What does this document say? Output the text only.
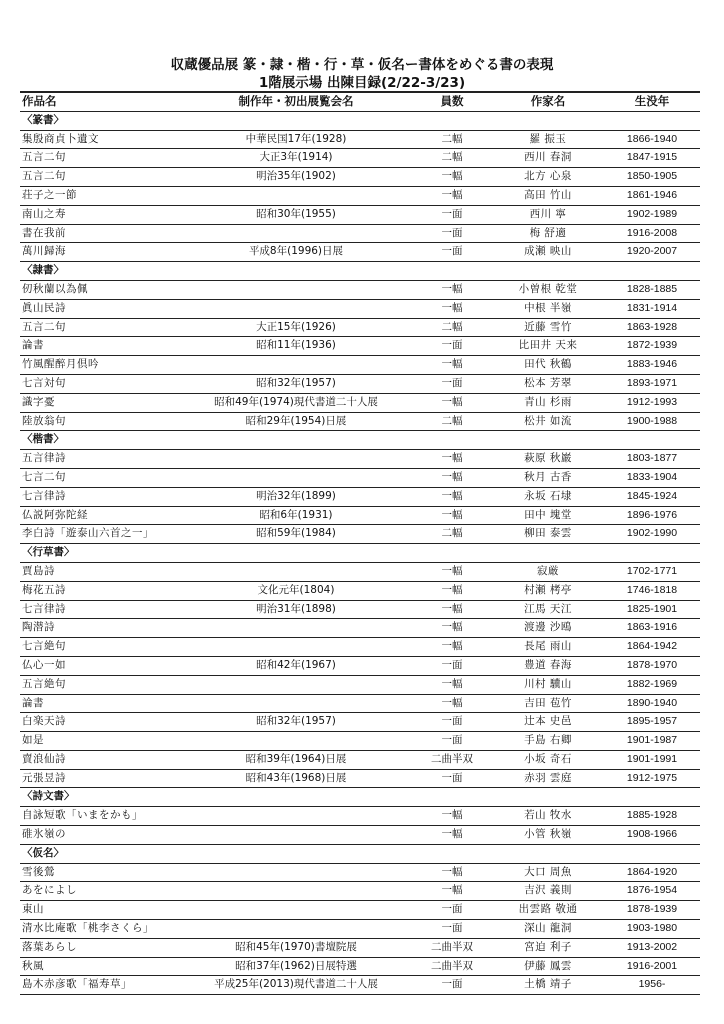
収蔵優品展 篆・隷・楷・行・草・仮名ー書体をめぐる書の表現
1階展示場 出陳目録(2/22-3/23)
作品名	制作年・初出展覧会名	員数	作家名	生没年
〈篆書〉				
集殷商貞卜遺文	中華民国17年(1928)	二幅	羅 振玉	1866-1940
五言二句	大正3年(1914)	二幅	西川 春洞	1847-1915
五言二句	明治35年(1902)	一幅	北方 心泉	1850-1905
荘子之一節		一幅	高田 竹山	1861-1946
南山之寿	昭和30年(1955)	一面	西川 寧	1902-1989
書在我前		一面	梅 舒適	1916-2008
萬川歸海	平成8年(1996)日展	一面	成瀬 映山	1920-2007
〈隷書〉				
仞秋蘭以為佩		一幅	小曽根 乾堂	1828-1885
眞山民詩		一幅	中根 半嶺	1831-1914
五言二句	大正15年(1926)	二幅	近藤 雪竹	1863-1928
論書	昭和11年(1936)	一面	比田井 天来	1872-1939
竹風醒醉月倶吟		一幅	田代 秋鶴	1883-1946
七言対句	昭和32年(1957)	一面	松本 芳翠	1893-1971
識字憂	昭和49年(1974)現代書道二十人展	一幅	青山 杉雨	1912-1993
陸放翁句	昭和29年(1954)日展	二幅	松井 如流	1900-1988
〈楷書〉				
五言律詩		一幅	萩原 秋巌	1803-1877
七言二句		一幅	秋月 古香	1833-1904
七言律詩	明治32年(1899)	一幅	永坂 石埭	1845-1924
仏説阿弥陀経	昭和6年(1931)	一幅	田中 塊堂	1896-1976
李白詩「遊泰山六首之一」	昭和59年(1984)	二幅	柳田 泰雲	1902-1990
〈行草書〉				
賈島詩		一幅	寂厳	1702-1771
梅花五詩	文化元年(1804)	一幅	村瀬 栲亭	1746-1818
七言律詩	明治31年(1898)	一幅	江馬 天江	1825-1901
陶潜詩		一幅	渡邊 沙鴎	1863-1916
七言絶句		一幅	長尾 雨山	1864-1942
仏心一如	昭和42年(1967)	一面	豊道 春海	1878-1970
五言絶句		一幅	川村 驥山	1882-1969
論書		一幅	吉田 苞竹	1890-1940
白楽天詩	昭和32年(1957)	一面	辻本 史邑	1895-1957
如是		一面	手島 右卿	1901-1987
賣浪仙詩	昭和39年(1964)日展	二曲半双	小坂 奇石	1901-1991
元張昱詩	昭和43年(1968)日展	一面	赤羽 雲庭	1912-1975
〈詩文書〉				
自詠短歌「いまをかも」		一幅	若山 牧水	1885-1928
碓氷嶺の		一幅	小管 秋嶺	1908-1966
〈仮名〉				
雪後鶯		一幅	大口 周魚	1864-1920
あをによし		一幅	吉沢 義則	1876-1954
東山		一面	出雲路 敬通	1878-1939
清水比庵歌「桃李さくら」		一面	深山 龍洞	1903-1980
落葉あらし	昭和45年(1970)書壇院展	二曲半双	宮迫 利子	1913-2002
秋風	昭和37年(1962)日展特選	二曲半双	伊藤 鳳雲	1916-2001
島木赤彦歌「福寿草」	平成25年(2013)現代書道二十人展	一面	土橋 靖子	1956-
